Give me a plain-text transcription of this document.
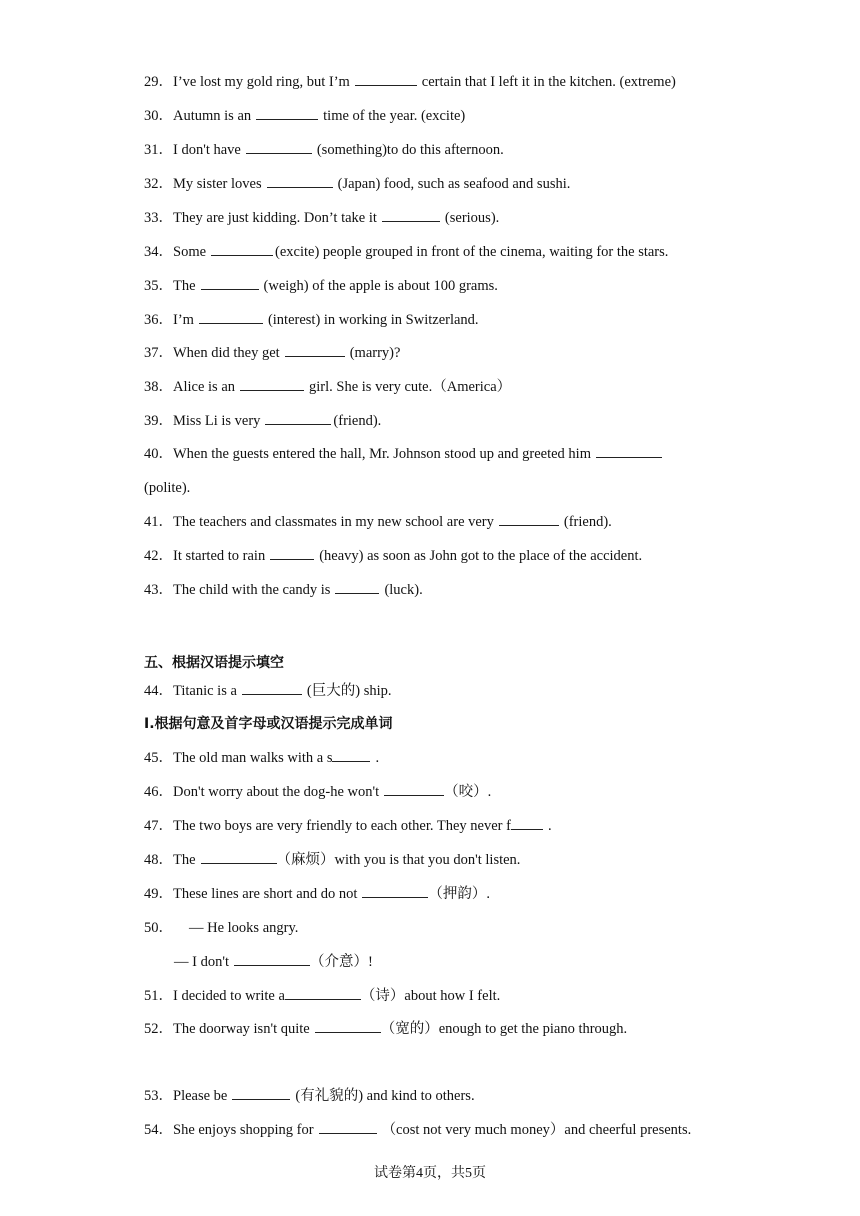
29．I’ve lost my gold ring, but I’m	certain that I left it in the kitchen. (extreme)
30．Autumn is an	time of the year. (excite)
31．I don't have	(something)to do this afternoon.
32．My sister loves	(Japan) food, such as seafood and sushi.
33．They are just kidding. Don’t take it	(serious).
34．Some	(excite) people grouped in front of the cinema, waiting for the stars.
35．The	(weigh) of the apple is about 100 grams.
36．I’m	(interest) in working in Switzerland.
37．When did they get	(marry)?
38．Alice is an	girl. She is very cute.（America）
39．Miss Li is very	(friend).
40．When the guests entered the hall, Mr. Johnson stood up and greeted him
(polite).
41．The teachers and classmates in my new school are very	(friend).
42．It started to rain	(heavy) as soon as John got to the place of the accident.
43．The child with the candy is	(luck).
五、根据汉语提示填空
44．Titanic is a	(巨大的) ship.
I.根据句意及首字母或汉语提示完成单词
45．The old man walks with a s	.
46．Don't worry about the dog-he won't	（咬）.
47．The two boys are very friendly to each other. They never f	.
48．The	（麻烦）with you is that you don't listen.
49．These lines are short and do not	（押韵）.
50． — He looks angry.
— I don't	（介意）!
51．I decided to write a	（诗）about how I felt.
52．The doorway isn't quite	（宽的）enough to get the piano through.
53．Please be	(有礼貌的) and kind to others.
54．She enjoys shopping for	（cost not very much money）and cheerful presents.
试卷第4页，共5页
